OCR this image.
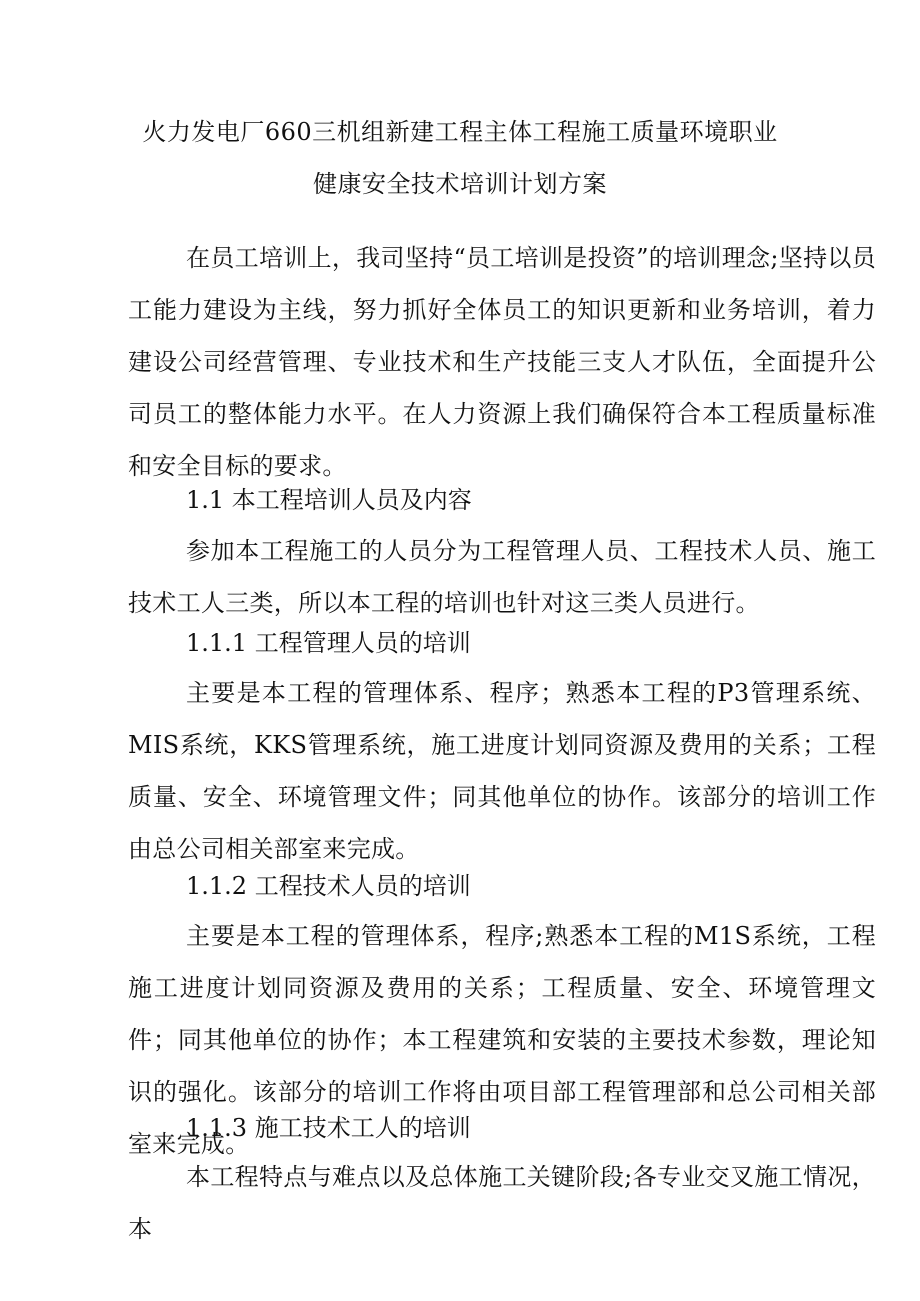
火力发电厂660三机组新建工程主体工程施工质量环境职业
健康安全技术培训计划方案

在员工培训上，我司坚持“员工培训是投资”的培训理念;坚持以员工能力建设为主线，努力抓好全体员工的知识更新和业务培训，着力建设公司经营管理、专业技术和生产技能三支人才队伍，全面提升公司员工的整体能力水平。在人力资源上我们确保符合本工程质量标准和安全目标的要求。

1.1 本工程培训人员及内容

参加本工程施工的人员分为工程管理人员、工程技术人员、施工技术工人三类，所以本工程的培训也针对这三类人员进行。

1.1.1 工程管理人员的培训

主要是本工程的管理体系、程序；熟悉本工程的P3管理系统、MIS系统，KKS管理系统，施工进度计划同资源及费用的关系；工程质量、安全、环境管理文件；同其他单位的协作。该部分的培训工作由总公司相关部室来完成。

1.1.2 工程技术人员的培训

主要是本工程的管理体系，程序;熟悉本工程的M1S系统，工程施工进度计划同资源及费用的关系；工程质量、安全、环境管理文件；同其他单位的协作；本工程建筑和安装的主要技术参数，理论知识的强化。该部分的培训工作将由项目部工程管理部和总公司相关部室来完成。

1.1.3 施工技术工人的培训

本工程特点与难点以及总体施工关键阶段;各专业交叉施工情况，本
